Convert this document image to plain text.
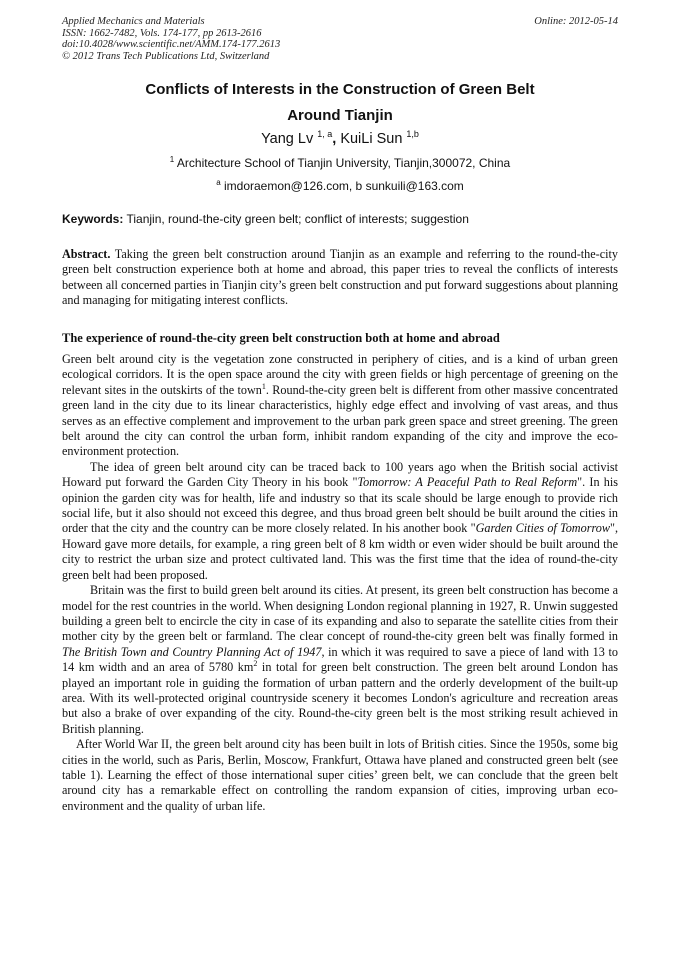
Applied Mechanics and Materials
ISSN: 1662-7482, Vols. 174-177, pp 2613-2616
doi:10.4028/www.scientific.net/AMM.174-177.2613
© 2012 Trans Tech Publications Ltd, Switzerland
Online: 2012-05-14
Conflicts of Interests in the Construction of Green Belt
Around Tianjin
Yang Lv $^{1, a}$, KuiLi Sun $^{1,b}$
$^1$ Architecture School of Tianjin University, Tianjin,300072, China
$^a$ imdoraemon@126.com, b sunkuili@163.com
Keywords: Tianjin, round-the-city green belt; conflict of interests; suggestion
Abstract. Taking the green belt construction around Tianjin as an example and referring to the round-the-city green belt construction experience both at home and abroad, this paper tries to reveal the conflicts of interests between all concerned parties in Tianjin city’s green belt construction and put forward suggestions about planning and managing for mitigating interest conflicts.
The experience of round-the-city green belt construction both at home and abroad

Green belt around city is the vegetation zone constructed in periphery of cities, and is a kind of urban green ecological corridors. It is the open space around the city with green fields or high percentage of greening on the relevant sites in the outskirts of the town$^1$. Round-the-city green belt is different from other massive concentrated green land in the city due to its linear characteristics, highly edge effect and involving of vast areas, and thus serves as an effective complement and improvement to the urban park green space and street greening. The green belt around the city can control the urban form, inhibit random expanding of the city and improve the eco-environment protection.

The idea of green belt around city can be traced back to 100 years ago when the British social activist Howard put forward the Garden City Theory in his book "Tomorrow: A Peaceful Path to Real Reform". In his opinion the garden city was for health, life and industry so that its scale should be large enough to provide rich social life, but it also should not exceed this degree, and thus broad green belt should be built around the cities in order that the city and the country can be more closely related. In his another book "Garden Cities of Tomorrow", Howard gave more details, for example, a ring green belt of 8 km width or even wider should be built around the city to restrict the urban size and protect cultivated land. This was the first time that the idea of round-the-city green belt had been proposed.

Britain was the first to build green belt around its cities. At present, its green belt construction has become a model for the rest countries in the world. When designing London regional planning in 1927, R. Unwin suggested building a green belt to encircle the city in case of its expanding and also to separate the satellite cities from their mother city by the green belt or farmland. The clear concept of round-the-city green belt was finally formed in The British Town and Country Planning Act of 1947, in which it was required to save a piece of land with 13 to 14 km width and an area of 5780 $km^2$ in total for green belt construction. The green belt around London has played an important role in guiding the formation of urban pattern and the orderly development of the built-up area. With its well-protected original countryside scenery it becomes London's agriculture and recreation areas but also a brake of over expanding of the city. Round-the-city green belt is the most striking result achieved in British planning.

After World War II, the green belt around city has been built in lots of British cities. Since the 1950s, some big cities in the world, such as Paris, Berlin, Moscow, Frankfurt, Ottawa have planed and constructed green belt (see table 1). Learning the effect of those international super cities’ green belt, we can conclude that the green belt around city has a remarkable effect on controlling the random expansion of cities, improving urban eco-environment and the quality of urban life.
